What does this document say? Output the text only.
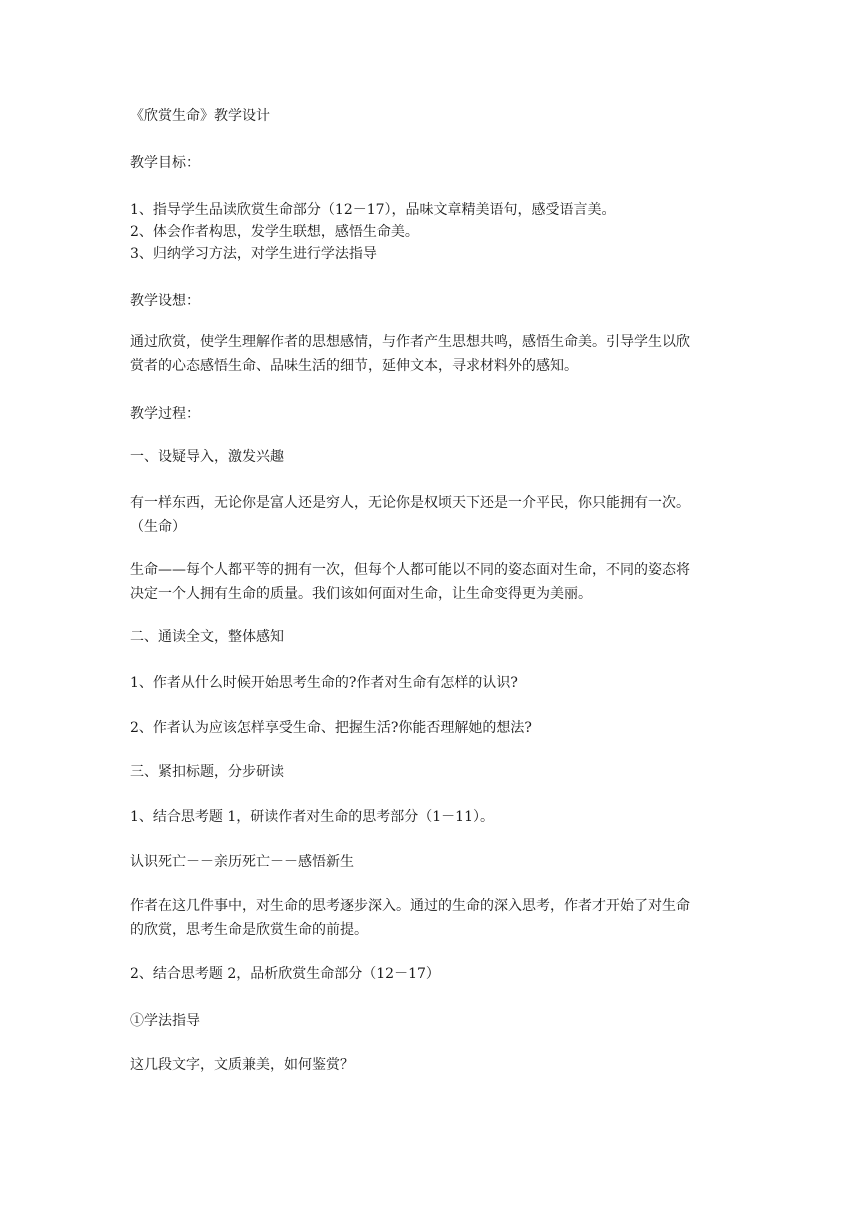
《欣赏生命》教学设计

教学目标：

1、指导学生品读欣赏生命部分（12－17），品味文章精美语句，感受语言美。

2、体会作者构思，发学生联想，感悟生命美。

3、归纳学习方法，对学生进行学法指导

教学设想：

通过欣赏，使学生理解作者的思想感情，与作者产生思想共鸣，感悟生命美。引导学生以欣

赏者的心态感悟生命、品味生活的细节，延伸文本，寻求材料外的感知。

教学过程：

一、设疑导入，激发兴趣

有一样东西，无论你是富人还是穷人，无论你是权顷天下还是一介平民，你只能拥有一次。

（生命）

生命——每个人都平等的拥有一次，但每个人都可能以不同的姿态面对生命，不同的姿态将

决定一个人拥有生命的质量。我们该如何面对生命，让生命变得更为美丽。

二、通读全文，整体感知

1、作者从什么时候开始思考生命的?作者对生命有怎样的认识?

2、作者认为应该怎样享受生命、把握生活?你能否理解她的想法?

三、紧扣标题，分步研读

1、结合思考题 1，研读作者对生命的思考部分（1－11）。

认识死亡－－亲历死亡－－感悟新生

作者在这几件事中，对生命的思考逐步深入。通过的生命的深入思考，作者才开始了对生命

的欣赏，思考生命是欣赏生命的前提。

2、结合思考题 2，品析欣赏生命部分（12－17）

①学法指导

这几段文字，文质兼美，如何鉴赏？
